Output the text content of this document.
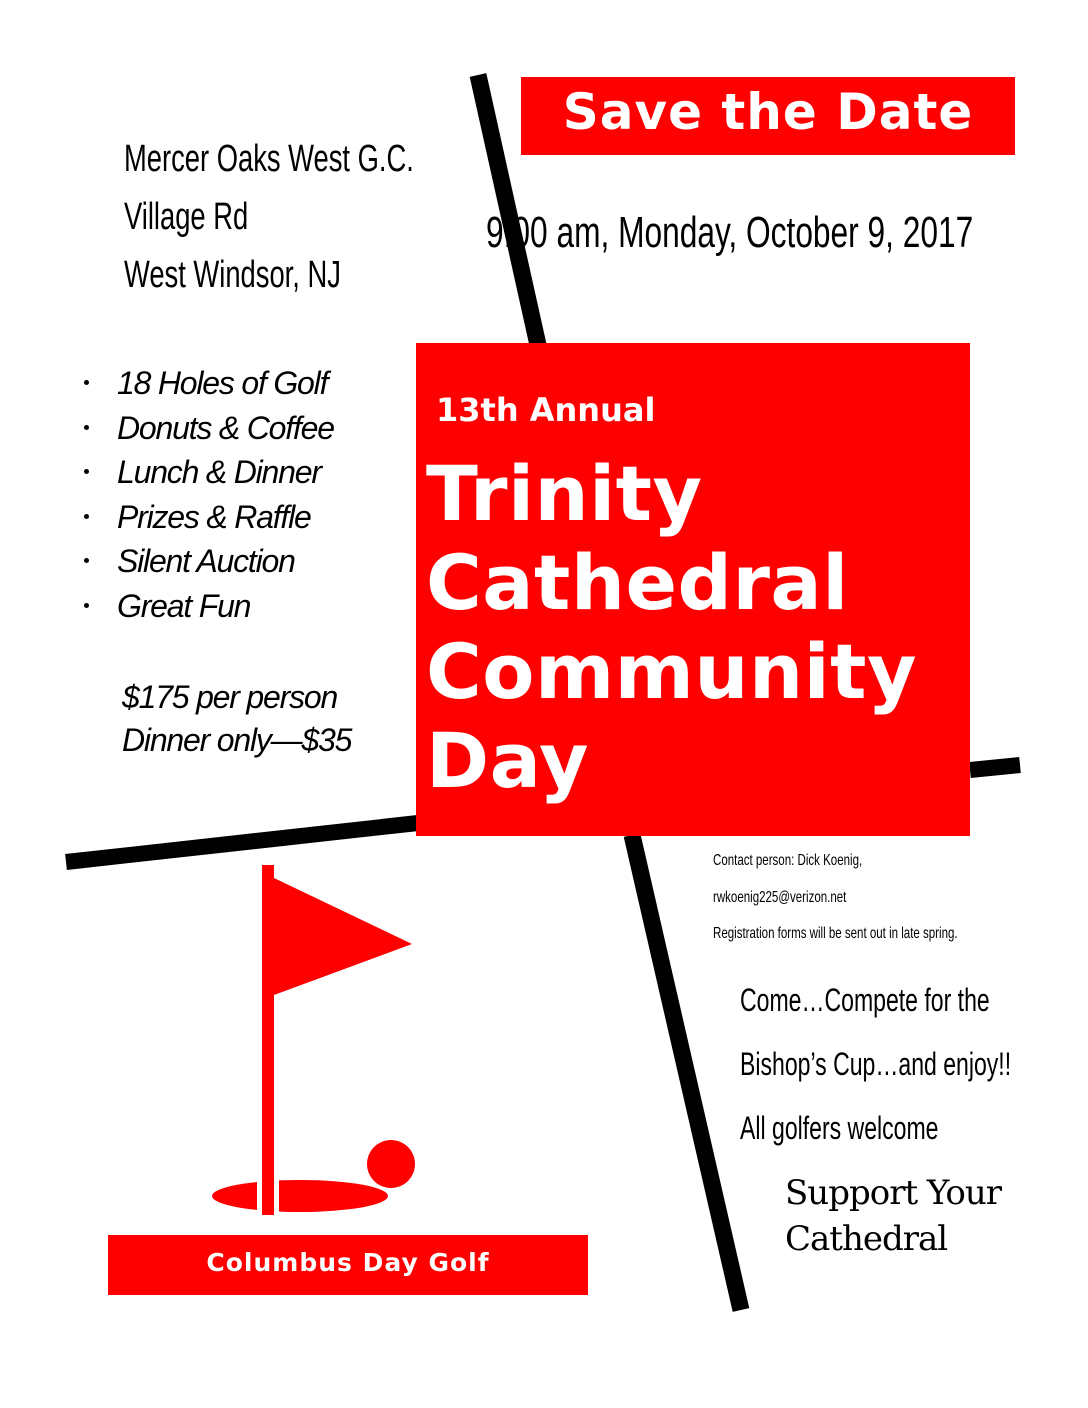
Save the Date
Mercer Oaks West G.C.
Village Rd
West Windsor, NJ
9:00 am, Monday, October 9, 2017
18 Holes of Golf
Donuts & Coffee
Lunch & Dinner
Prizes & Raffle
Silent Auction
Great Fun
$175 per person
Dinner only—$35
13th Annual
Trinity
Cathedral
Community
Day
Contact person: Dick Koenig,
rwkoenig225@verizon.net
Registration forms will be sent out in late spring.
Come…Compete for the
Bishop’s Cup…and enjoy!!
All golfers welcome
Support Your
Cathedral
Columbus Day Golf
